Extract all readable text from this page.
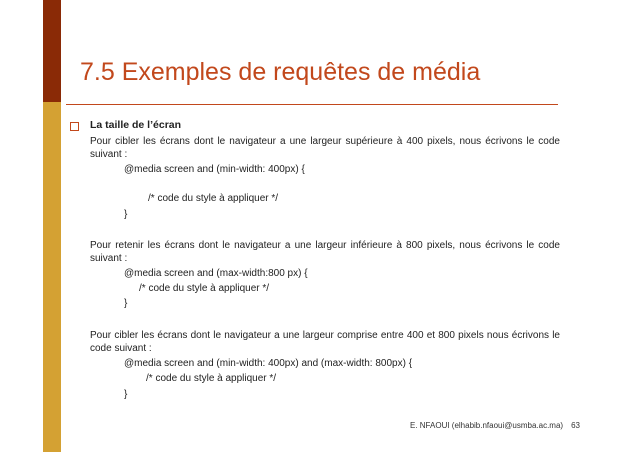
7.5 Exemples de requêtes de média
La taille de l’écran
Pour cibler les écrans dont le navigateur a une largeur supérieure à 400 pixels, nous écrivons le code suivant :
@media screen and (min-width: 400px) {
/* code du style à appliquer */
}
Pour retenir les écrans dont le navigateur a une largeur inférieure à 800 pixels, nous écrivons le code suivant :
@media screen and (max-width:800 px) {
/* code du style à appliquer */
}
Pour cibler les écrans dont le navigateur a une largeur comprise entre 400 et 800 pixels nous écrivons le code suivant :
@media screen and (min-width: 400px) and (max-width: 800px) {
/* code du style à appliquer */
}
E. NFAOUI (elhabib.nfaoui@usmba.ac.ma) 63
